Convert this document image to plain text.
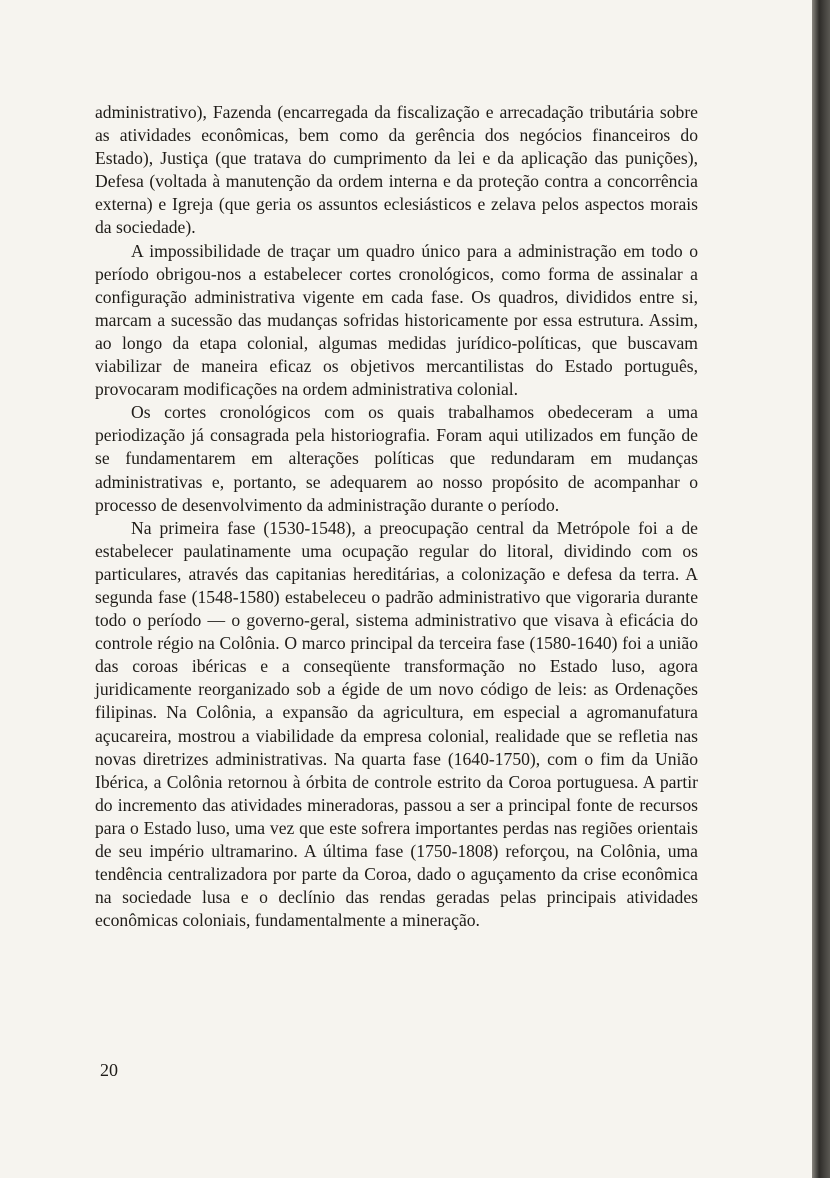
administrativo), Fazenda (encarregada da fiscalização e arrecadação tributária sobre as atividades econômicas, bem como da gerência dos negócios financeiros do Estado), Justiça (que tratava do cumprimento da lei e da aplicação das punições), Defesa (voltada à manutenção da ordem interna e da proteção contra a concorrência externa) e Igreja (que geria os assuntos eclesiásticos e zelava pelos aspectos morais da sociedade).

A impossibilidade de traçar um quadro único para a administração em todo o período obrigou-nos a estabelecer cortes cronológicos, como forma de assinalar a configuração administrativa vigente em cada fase. Os quadros, divididos entre si, marcam a sucessão das mudanças sofridas historicamente por essa estrutura. Assim, ao longo da etapa colonial, algumas medidas jurídico-políticas, que buscavam viabilizar de maneira eficaz os objetivos mercantilistas do Estado português, provocaram modificações na ordem administrativa colonial.

Os cortes cronológicos com os quais trabalhamos obedeceram a uma periodização já consagrada pela historiografia. Foram aqui utilizados em função de se fundamentarem em alterações políticas que redundaram em mudanças administrativas e, portanto, se adequarem ao nosso propósito de acompanhar o processo de desenvolvimento da administração durante o período.

Na primeira fase (1530-1548), a preocupação central da Metrópole foi a de estabelecer paulatinamente uma ocupação regular do litoral, dividindo com os particulares, através das capitanias hereditárias, a colonização e defesa da terra. A segunda fase (1548-1580) estabeleceu o padrão administrativo que vigoraria durante todo o período — o governo-geral, sistema administrativo que visava à eficácia do controle régio na Colônia. O marco principal da terceira fase (1580-1640) foi a união das coroas ibéricas e a conseqüente transformação no Estado luso, agora juridicamente reorganizado sob a égide de um novo código de leis: as Ordenações filipinas. Na Colônia, a expansão da agricultura, em especial a agromanufatura açucareira, mostrou a viabilidade da empresa colonial, realidade que se refletia nas novas diretrizes administrativas. Na quarta fase (1640-1750), com o fim da União Ibérica, a Colônia retornou à órbita de controle estrito da Coroa portuguesa. A partir do incremento das atividades mineradoras, passou a ser a principal fonte de recursos para o Estado luso, uma vez que este sofrera importantes perdas nas regiões orientais de seu império ultramarino. A última fase (1750-1808) reforçou, na Colônia, uma tendência centralizadora por parte da Coroa, dado o aguçamento da crise econômica na sociedade lusa e o declínio das rendas geradas pelas principais atividades econômicas coloniais, fundamentalmente a mineração.

20
